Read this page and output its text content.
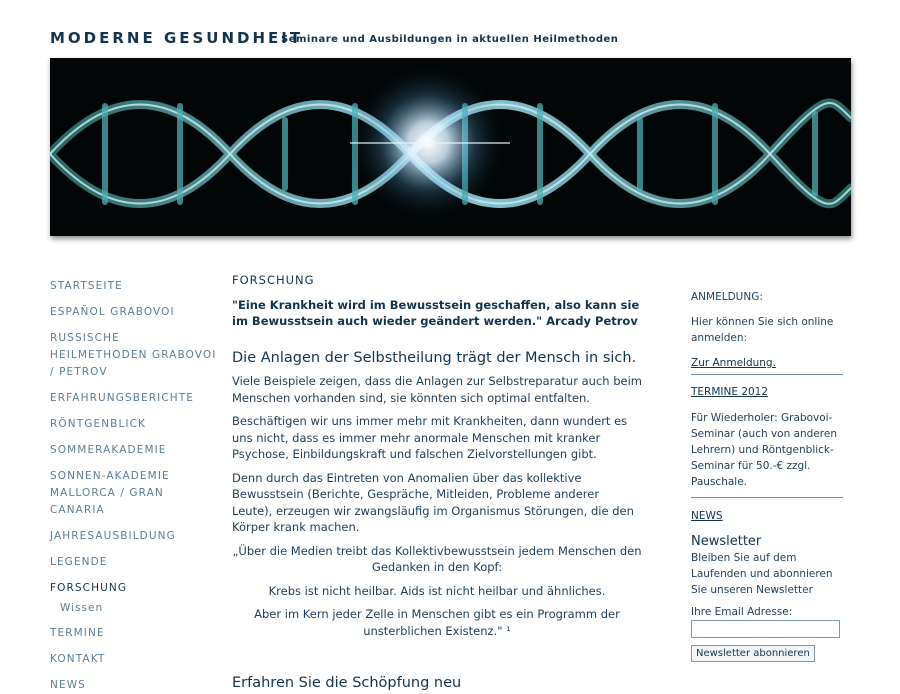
MODERNE GESUNDHEIT
Seminare und Ausbildungen in aktuellen Heilmethoden
STARTSEITE
ESPAÑOL GRABOVOI
RUSSISCHE HEILMETHODEN GRABOVOI / PETROV
ERFAHRUNGSBERICHTE
RÖNTGENBLICK
SOMMERAKADEMIE
SONNEN-AKADEMIE MALLORCA / GRAN CANARIA
JAHRESAUSBILDUNG
LEGENDE
FORSCHUNG
Wissen
TERMINE
KONTAKT
NEWS
FORSCHUNG

"Eine Krankheit wird im Bewusstsein geschaffen, also kann sie im Bewusstsein auch wieder geändert werden." Arcady Petrov

Die Anlagen der Selbstheilung trägt der Mensch in sich.

Viele Beispiele zeigen, dass die Anlagen zur Selbstreparatur auch beim Menschen vorhanden sind, sie könnten sich optimal entfalten.

Beschäftigen wir uns immer mehr mit Krankheiten, dann wundert es uns nicht, dass es immer mehr anormale Menschen mit kranker Psychose, Einbildungskraft und falschen Zielvorstellungen gibt.

Denn durch das Eintreten von Anomalien über das kollektive Bewusstsein (Berichte, Gespräche, Mitleiden, Probleme anderer Leute), erzeugen wir zwangsläufig im Organismus Störungen, die den Körper krank machen.

„Über die Medien treibt das Kollektivbewusstsein jedem Menschen den Gedanken in den Kopf:

Krebs ist nicht heilbar. Aids ist nicht heilbar und ähnliches.

Aber im Kern jeder Zelle in Menschen gibt es ein Programm der unsterblichen Existenz." ¹

Erfahren Sie die Schöpfung neu
ANMELDUNG:
Hier können Sie sich online anmelden:
Zur Anmeldung.
TERMINE 2012
Für Wiederholer: Grabovoi-Seminar (auch von anderen Lehrern) und Röntgenblick-Seminar für 50.-€ zzgl. Pauschale.
NEWS
Newsletter
Bleiben Sie auf dem Laufenden und abonnieren Sie unseren Newsletter
Ihre Email Adresse:
Newsletter abonnieren
